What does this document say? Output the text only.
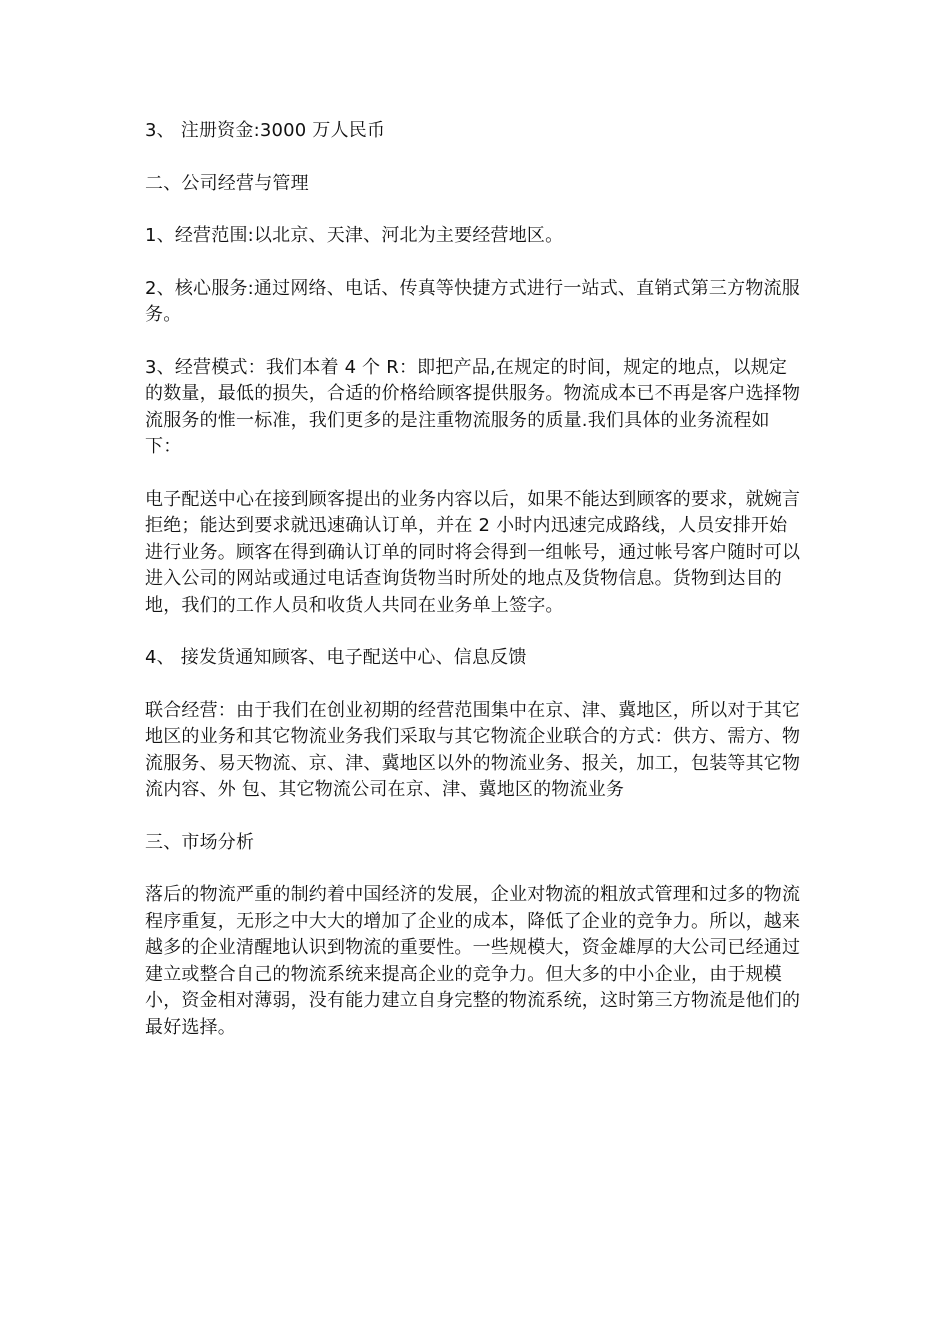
3、 注册资金:3000 万人民币

二、公司经营与管理

1、经营范围:以北京、天津、河北为主要经营地区。

2、核心服务:通过网络、电话、传真等快捷方式进行一站式、直销式第三方物流服务。

3、经营模式：我们本着 4 个 R：即把产品,在规定的时间，规定的地点，以规定的数量，最低的损失，合适的价格给顾客提供服务。物流成本已不再是客户选择物流服务的惟一标准，我们更多的是注重物流服务的质量.我们具体的业务流程如下：

电子配送中心在接到顾客提出的业务内容以后，如果不能达到顾客的要求，就婉言拒绝；能达到要求就迅速确认订单，并在 2 小时内迅速完成路线，人员安排开始进行业务。顾客在得到确认订单的同时将会得到一组帐号，通过帐号客户随时可以进入公司的网站或通过电话查询货物当时所处的地点及货物信息。货物到达目的地，我们的工作人员和收货人共同在业务单上签字。

4、 接发货通知顾客、电子配送中心、信息反馈

联合经营：由于我们在创业初期的经营范围集中在京、津、冀地区，所以对于其它地区的业务和其它物流业务我们采取与其它物流企业联合的方式：供方、需方、物流服务、易天物流、京、津、冀地区以外的物流业务、报关，加工，包装等其它物流内容、外 包、其它物流公司在京、津、冀地区的物流业务

三、市场分析

落后的物流严重的制约着中国经济的发展，企业对物流的粗放式管理和过多的物流程序重复，无形之中大大的增加了企业的成本，降低了企业的竞争力。所以，越来越多的企业清醒地认识到物流的重要性。一些规模大，资金雄厚的大公司已经通过建立或整合自己的物流系统来提高企业的竞争力。但大多的中小企业，由于规模小，资金相对薄弱，没有能力建立自身完整的物流系统，这时第三方物流是他们的最好选择。
